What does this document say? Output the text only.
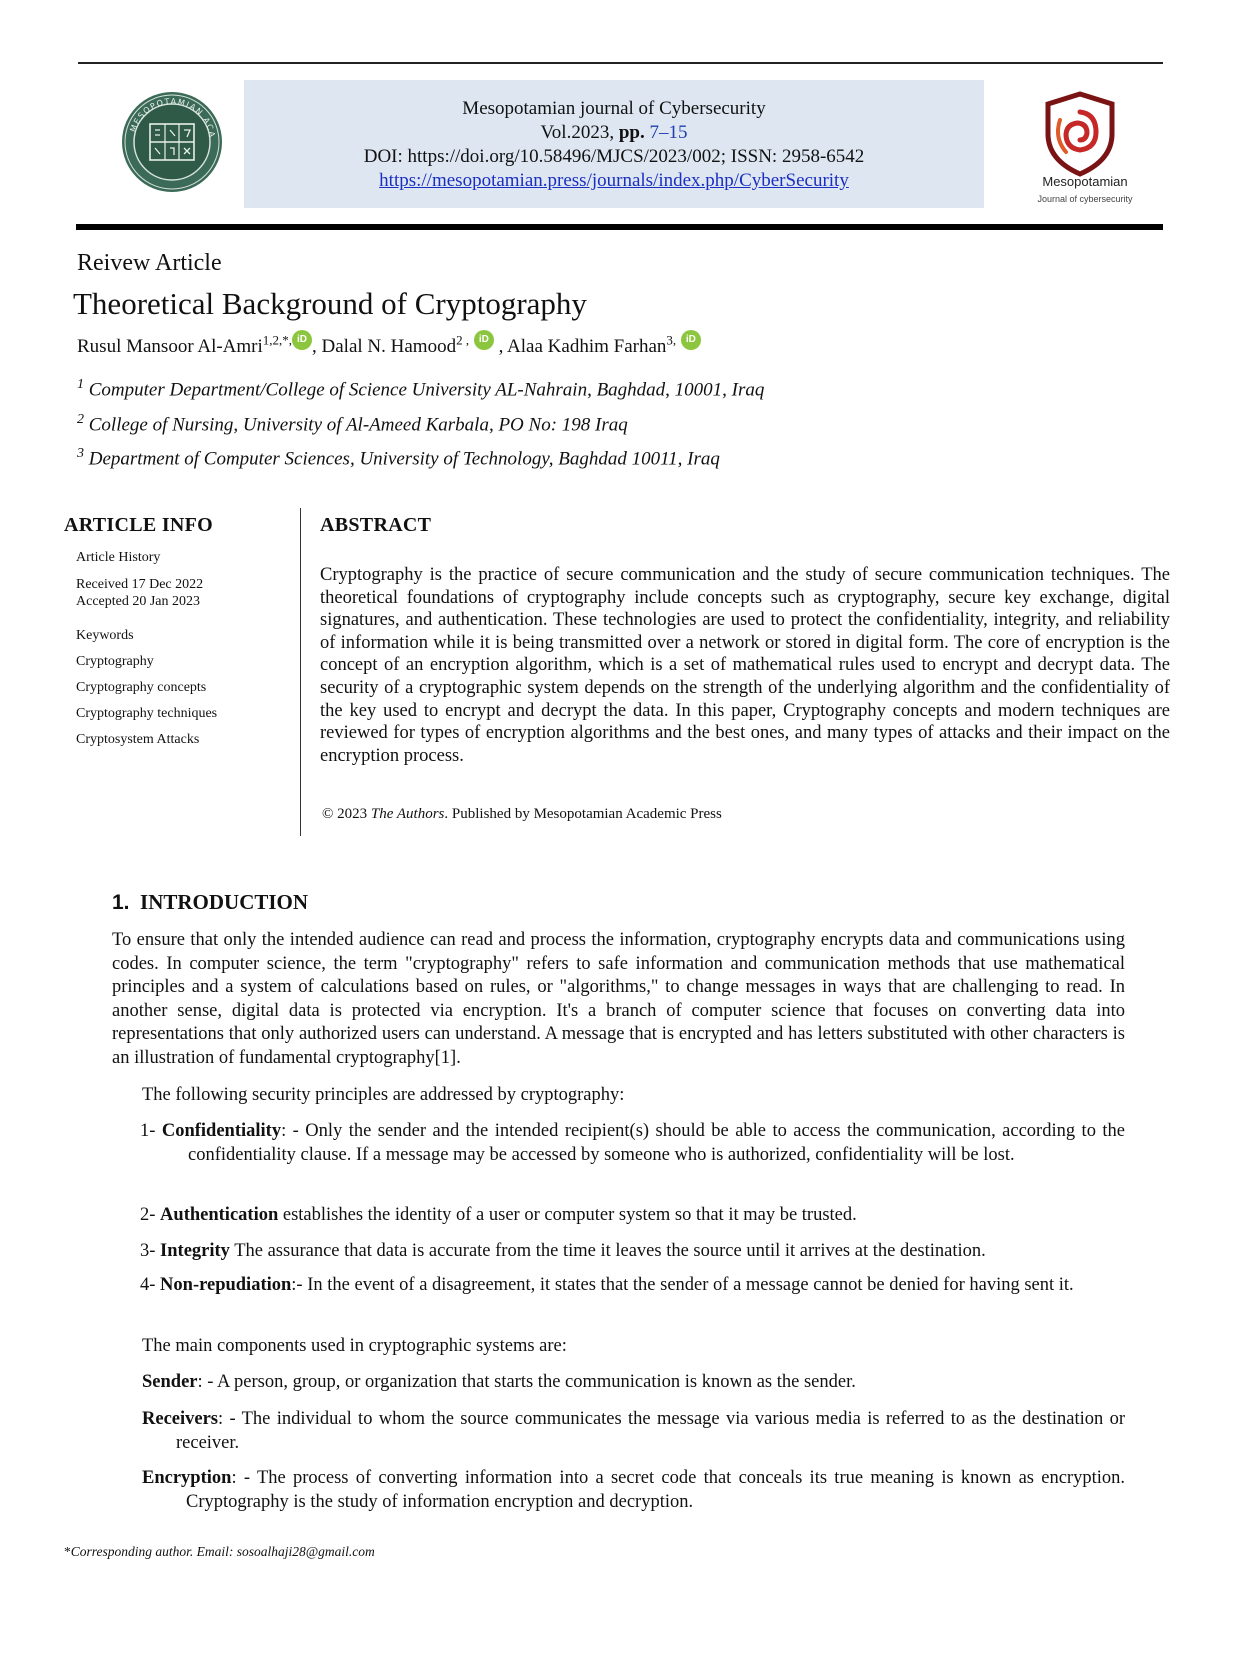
MESOPOTAMIAN ACA
Mesopotamian journal of Cybersecurity
Vol.2023, pp. 7–15
DOI: https://doi.org/10.58496/MJCS/2023/002; ISSN: 2958-6542
https://mesopotamian.press/journals/index.php/CyberSecurity	Mesopotamian
Journal of cybersecurity
Reivew Article
Theoretical Background of Cryptography
Rusul Mansoor Al-Amri$^{1,2,*,}$ iD , Dalal N. Hamood$^{2 ,}$ iD , Alaa Kadhim Farhan$^{3,}$ iD
$^1$ Computer Department/College of Science University AL-Nahrain, Baghdad, 10001, Iraq
$^2$ College of Nursing, University of Al-Ameed Karbala, PO No: 198 Iraq
$^3$ Department of Computer Sciences, University of Technology, Baghdad 10011, Iraq
ARTICLE INFO
Article History
Received 17 Dec 2022
Accepted 20 Jan 2023
Keywords
Cryptography
Cryptography concepts
Cryptography techniques
Cryptosystem Attacks
ABSTRACT
Cryptography is the practice of secure communication and the study of secure communication techniques. The theoretical foundations of cryptography include concepts such as cryptography, secure key exchange, digital signatures, and authentication. These technologies are used to protect the confidentiality, integrity, and reliability of information while it is being transmitted over a network or stored in digital form. The core of encryption is the concept of an encryption algorithm, which is a set of mathematical rules used to encrypt and decrypt data. The security of a cryptographic system depends on the strength of the underlying algorithm and the confidentiality of the key used to encrypt and decrypt the data. In this paper, Cryptography concepts and modern techniques are reviewed for types of encryption algorithms and the best ones, and many types of attacks and their impact on the encryption process.
© 2023 The Authors. Published by Mesopotamian Academic Press
1. INTRODUCTION
To ensure that only the intended audience can read and process the information, cryptography encrypts data and communications using codes. In computer science, the term "cryptography" refers to safe information and communication methods that use mathematical principles and a system of calculations based on rules, or "algorithms," to change messages in ways that are challenging to read. In another sense, digital data is protected via encryption. It's a branch of computer science that focuses on converting data into representations that only authorized users can understand. A message that is encrypted and has letters substituted with other characters is an illustration of fundamental cryptography[1].
The following security principles are addressed by cryptography:
1- Confidentiality: - Only the sender and the intended recipient(s) should be able to access the communication, according to the confidentiality clause. If a message may be accessed by someone who is authorized, confidentiality will be lost.
2- Authentication establishes the identity of a user or computer system so that it may be trusted.
3- Integrity The assurance that data is accurate from the time it leaves the source until it arrives at the destination.
4- Non-repudiation:- In the event of a disagreement, it states that the sender of a message cannot be denied for having sent it.
The main components used in cryptographic systems are:
Sender: - A person, group, or organization that starts the communication is known as the sender.
Receivers: - The individual to whom the source communicates the message via various media is referred to as the destination or receiver.
Encryption: - The process of converting information into a secret code that conceals its true meaning is known as encryption. Cryptography is the study of information encryption and decryption.
*Corresponding author. Email: sosoalhaji28@gmail.com
